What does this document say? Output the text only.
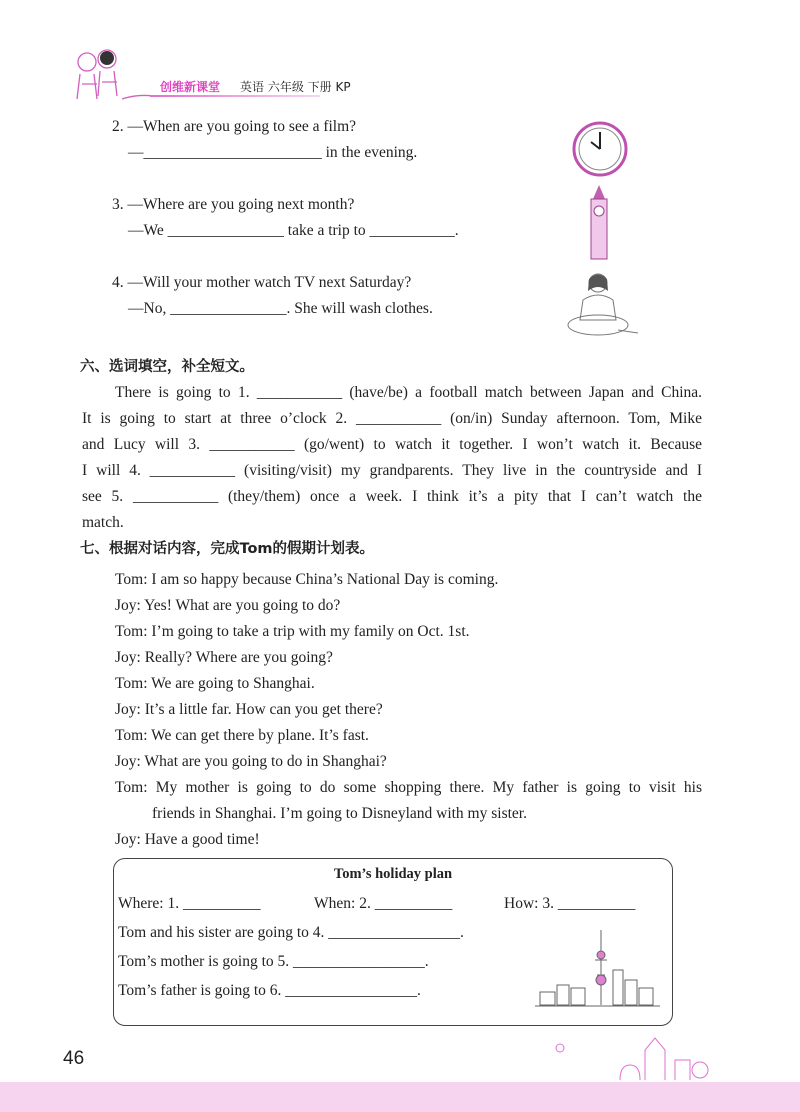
创维新课堂 英语 六年级 下册 KP
2. —When are you going to see a film?
—_______________________ in the evening.
3. —Where are you going next month?
—We _______________ take a trip to ___________.
4. —Will your mother watch TV next Saturday?
—No, _______________. She will wash clothes.
六、选词填空，补全短文。
There is going to 1. ___________ (have/be) a football match between Japan and China.
It is going to start at three o’clock 2. ___________ (on/in) Sunday afternoon. Tom, Mike
and Lucy will 3. ___________ (go/went) to watch it together. I won’t watch it. Because
I will 4. ___________ (visiting/visit) my grandparents. They live in the countryside and I
see 5. ___________ (they/them) once a week. I think it’s a pity that I can’t watch the
match.
七、根据对话内容，完成Tom的假期计划表。
Tom: I am so happy because China’s National Day is coming.
Joy: Yes! What are you going to do?
Tom: I’m going to take a trip with my family on Oct. 1st.
Joy: Really? Where are you going?
Tom: We are going to Shanghai.
Joy: It’s a little far. How can you get there?
Tom: We can get there by plane. It’s fast.
Joy: What are you going to do in Shanghai?
Tom: My mother is going to do some shopping there. My father is going to visit his
friends in Shanghai. I’m going to Disneyland with my sister.
Joy: Have a good time!
Tom’s holiday plan
Where: 1. __________	When: 2. __________	How: 3. __________
Tom and his sister are going to 4. _________________.
Tom’s mother is going to 5. _________________.
Tom’s father is going to 6. _________________.
46
